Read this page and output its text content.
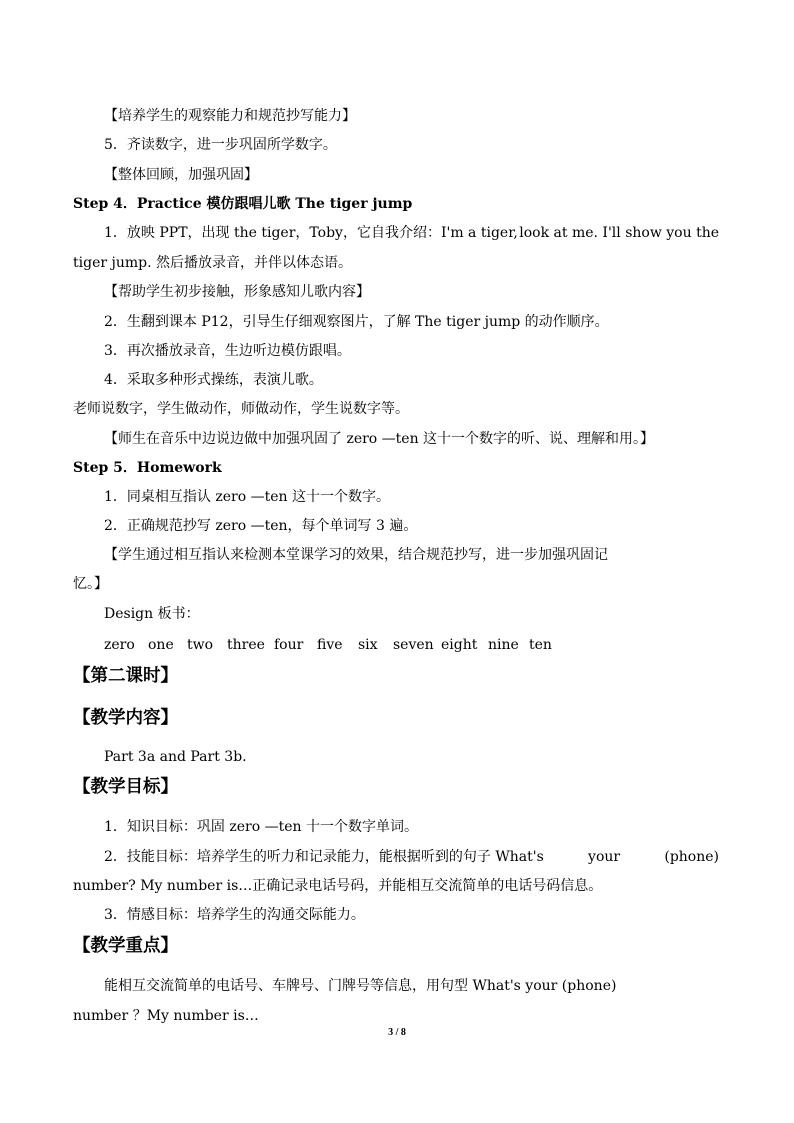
【培养学生的观察能力和规范抄写能力】
5．齐读数字，进一步巩固所学数字。
【整体回顾，加强巩固】
Step 4．Practice 模仿跟唱儿歌 The tiger jump
1．放映 PPT，出现 the tiger，Toby，它自我介绍：I'm a tiger, look at me. I'll show you the
tiger jump. 然后播放录音，并伴以体态语。
【帮助学生初步接触，形象感知儿歌内容】
2．生翻到课本 P12，引导生仔细观察图片，了解 The tiger jump 的动作顺序。
3．再次播放录音，生边听边模仿跟唱。
4．采取多种形式操练，表演儿歌。
老师说数字，学生做动作，师做动作，学生说数字等。
【师生在音乐中边说边做中加强巩固了 zero —ten 这十一个数字的听、说、理解和用。】
Step 5．Homework
1．同桌相互指认 zero —ten 这十一个数字。
2．正确规范抄写 zero —ten，每个单词写 3 遍。
【学生通过相互指认来检测本堂课学习的效果，结合规范抄写，进一步加强巩固记
忆。】
Design 板书：
zero one two three four five	six	seven eight nine ten
【第二课时】
【教学内容】
Part 3a and Part 3b.
【教学目标】
1．知识目标：巩固 zero —ten 十一个数字单词。
2．技能目标：培养学生的听力和记录能力，能根据听到的句子 What's	your	(phone)
number? My number is…正确记录电话号码，并能相互交流简单的电话号码信息。
3．情感目标：培养学生的沟通交际能力。
【教学重点】
能相互交流简单的电话号、车牌号、门牌号等信息，用句型 What's your (phone)
number ？My number is…
3 / 8
